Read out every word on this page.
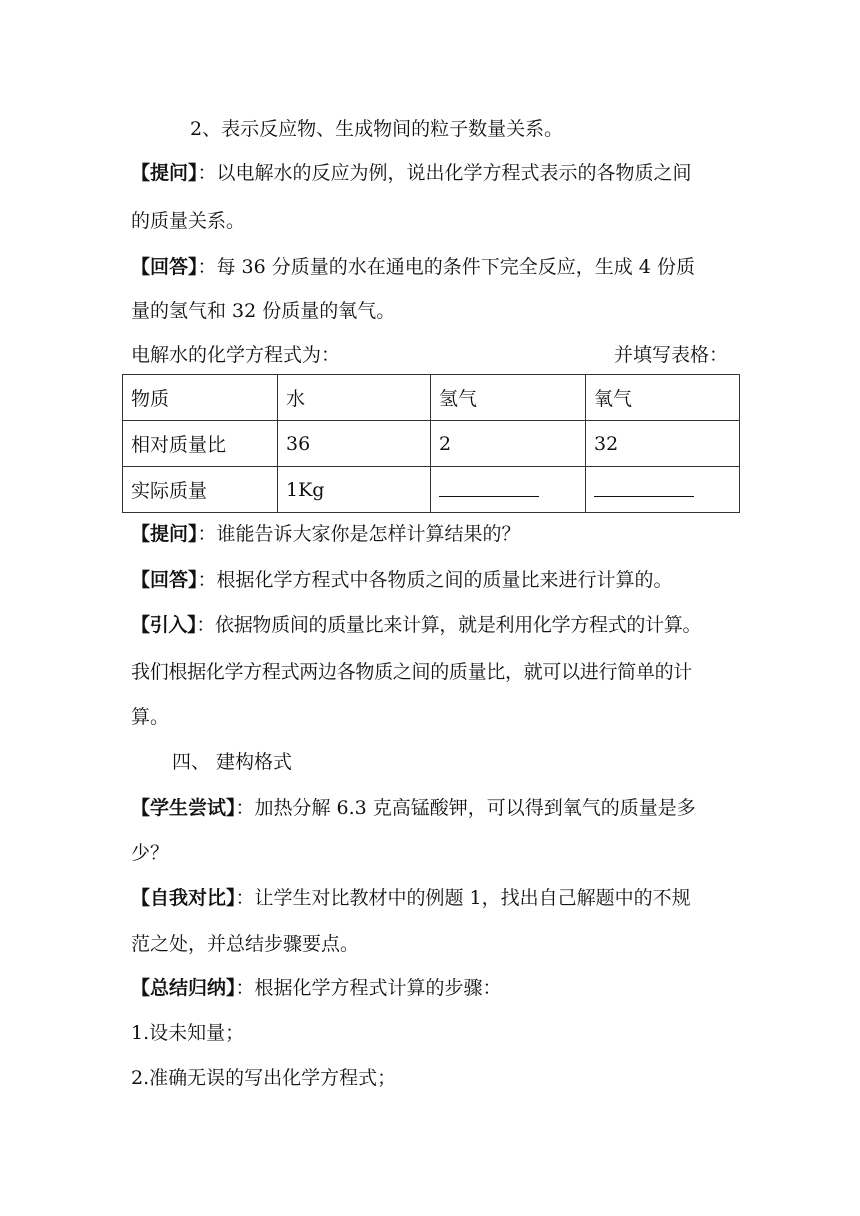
2、表示反应物、生成物间的粒子数量关系。
【提问】：以电解水的反应为例，说出化学方程式表示的各物质之间
的质量关系。
【回答】：每 36 分质量的水在通电的条件下完全反应，生成 4 份质
量的氢气和 32 份质量的氧气。
电解水的化学方程式为：	并填写表格：
物质	水	氢气	氧气
相对质量比	36	2	32
实际质量	1Kg		
【提问】：谁能告诉大家你是怎样计算结果的？
【回答】：根据化学方程式中各物质之间的质量比来进行计算的。
【引入】：依据物质间的质量比来计算，就是利用化学方程式的计算。
我们根据化学方程式两边各物质之间的质量比，就可以进行简单的计
算。
四、 建构格式
【学生尝试】：加热分解 6.3 克高锰酸钾，可以得到氧气的质量是多
少？
【自我对比】：让学生对比教材中的例题 1，找出自己解题中的不规
范之处，并总结步骤要点。
【总结归纳】：根据化学方程式计算的步骤：
1.设未知量；
2.准确无误的写出化学方程式；
